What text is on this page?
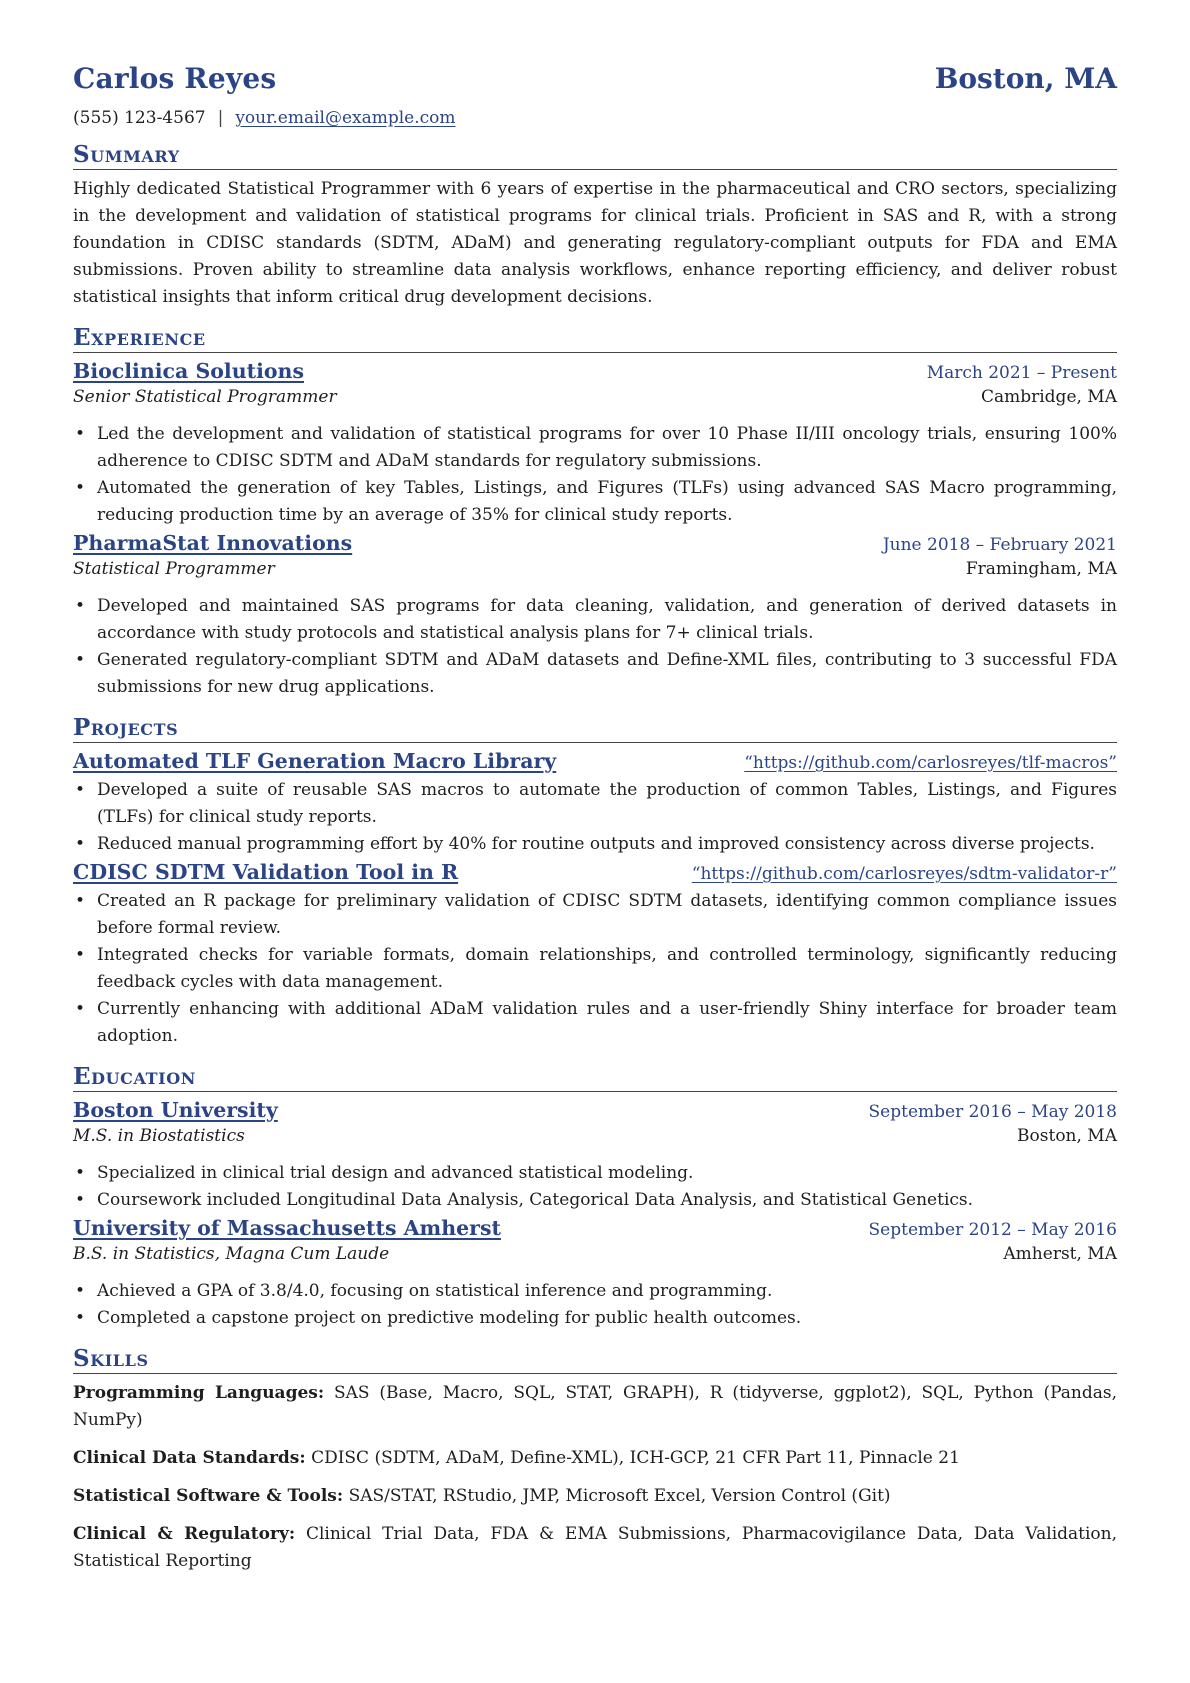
Carlos Reyes	Boston, MA
(555) 123-4567 | your.email@example.com
Summary

Highly dedicated Statistical Programmer with 6 years of expertise in the pharmaceutical and CRO sectors, specializing in the development and validation of statistical programs for clinical trials. Proficient in SAS and R, with a strong foundation in CDISC standards (SDTM, ADaM) and generating regulatory-compliant outputs for FDA and EMA submissions. Proven ability to streamline data analysis workflows, enhance reporting efficiency, and deliver robust statistical insights that inform critical drug development decisions.

Experience
Bioclinica Solutions	March 2021 – Present
Senior Statistical Programmer	Cambridge, MA
• Led the development and validation of statistical programs for over 10 Phase II/III oncology trials, ensuring 100% adherence to CDISC SDTM and ADaM standards for regulatory submissions.
• Automated the generation of key Tables, Listings, and Figures (TLFs) using advanced SAS Macro programming, reducing production time by an average of 35% for clinical study reports.
PharmaStat Innovations	June 2018 – February 2021
Statistical Programmer	Framingham, MA
• Developed and maintained SAS programs for data cleaning, validation, and generation of derived datasets in accordance with study protocols and statistical analysis plans for 7+ clinical trials.
• Generated regulatory-compliant SDTM and ADaM datasets and Define-XML files, contributing to 3 successful FDA submissions for new drug applications.
Projects
Automated TLF Generation Macro Library	“https://github.com/carlosreyes/tlf-macros”
• Developed a suite of reusable SAS macros to automate the production of common Tables, Listings, and Figures (TLFs) for clinical study reports.
• Reduced manual programming effort by 40% for routine outputs and improved consistency across diverse projects.
CDISC SDTM Validation Tool in R	“https://github.com/carlosreyes/sdtm-validator-r”
• Created an R package for preliminary validation of CDISC SDTM datasets, identifying common compliance issues before formal review.
• Integrated checks for variable formats, domain relationships, and controlled terminology, significantly reducing feedback cycles with data management.
• Currently enhancing with additional ADaM validation rules and a user-friendly Shiny interface for broader team adoption.
Education
Boston University	September 2016 – May 2018
M.S. in Biostatistics	Boston, MA
• Specialized in clinical trial design and advanced statistical modeling.
• Coursework included Longitudinal Data Analysis, Categorical Data Analysis, and Statistical Genetics.
University of Massachusetts Amherst	September 2012 – May 2016
B.S. in Statistics, Magna Cum Laude	Amherst, MA
• Achieved a GPA of 3.8/4.0, focusing on statistical inference and programming.
• Completed a capstone project on predictive modeling for public health outcomes.
Skills

Programming Languages: SAS (Base, Macro, SQL, STAT, GRAPH), R (tidyverse, ggplot2), SQL, Python (Pandas, NumPy)

Clinical Data Standards: CDISC (SDTM, ADaM, Define-XML), ICH-GCP, 21 CFR Part 11, Pinnacle 21

Statistical Software & Tools: SAS/STAT, RStudio, JMP, Microsoft Excel, Version Control (Git)

Clinical & Regulatory: Clinical Trial Data, FDA & EMA Submissions, Pharmacovigilance Data, Data Validation, Statistical Reporting
